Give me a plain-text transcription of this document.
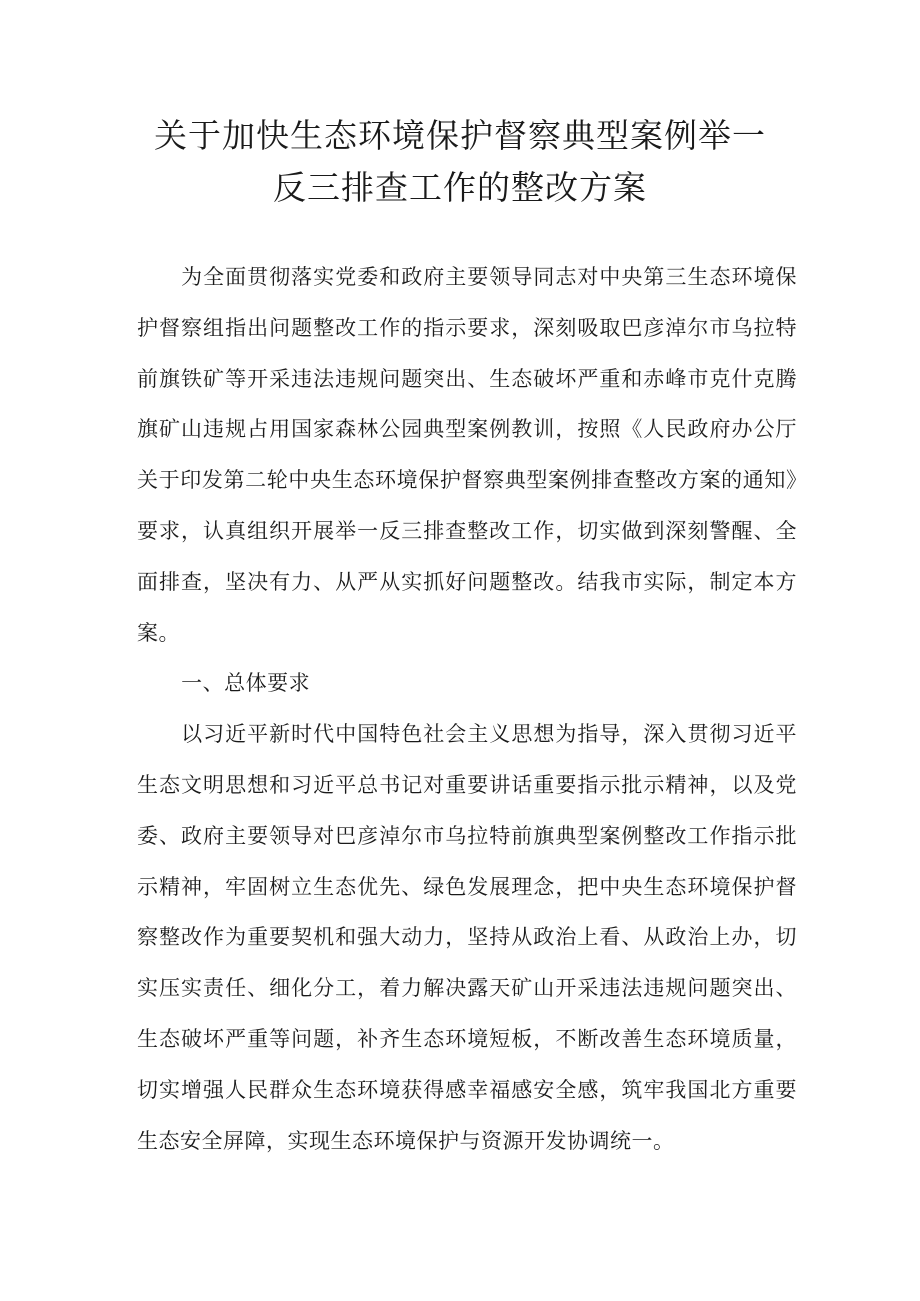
关于加快生态环境保护督察典型案例举一
反三排查工作的整改方案

为全面贯彻落实党委和政府主要领导同志对中央第三生态环境保护督察组指出问题整改工作的指示要求，深刻吸取巴彦淖尔市乌拉特前旗铁矿等开采违法违规问题突出、生态破坏严重和赤峰市克什克腾旗矿山违规占用国家森林公园典型案例教训，按照《人民政府办公厅关于印发第二轮中央生态环境保护督察典型案例排查整改方案的通知》要求，认真组织开展举一反三排查整改工作，切实做到深刻警醒、全面排查，坚决有力、从严从实抓好问题整改。结我市实际，制定本方案。

一、总体要求

以习近平新时代中国特色社会主义思想为指导，深入贯彻习近平生态文明思想和习近平总书记对重要讲话重要指示批示精神，以及党委、政府主要领导对巴彦淖尔市乌拉特前旗典型案例整改工作指示批示精神，牢固树立生态优先、绿色发展理念，把中央生态环境保护督察整改作为重要契机和强大动力，坚持从政治上看、从政治上办，切实压实责任、细化分工，着力解决露天矿山开采违法违规问题突出、生态破坏严重等问题，补齐生态环境短板，不断改善生态环境质量，切实增强人民群众生态环境获得感幸福感安全感，筑牢我国北方重要生态安全屏障，实现生态环境保护与资源开发协调统一。
